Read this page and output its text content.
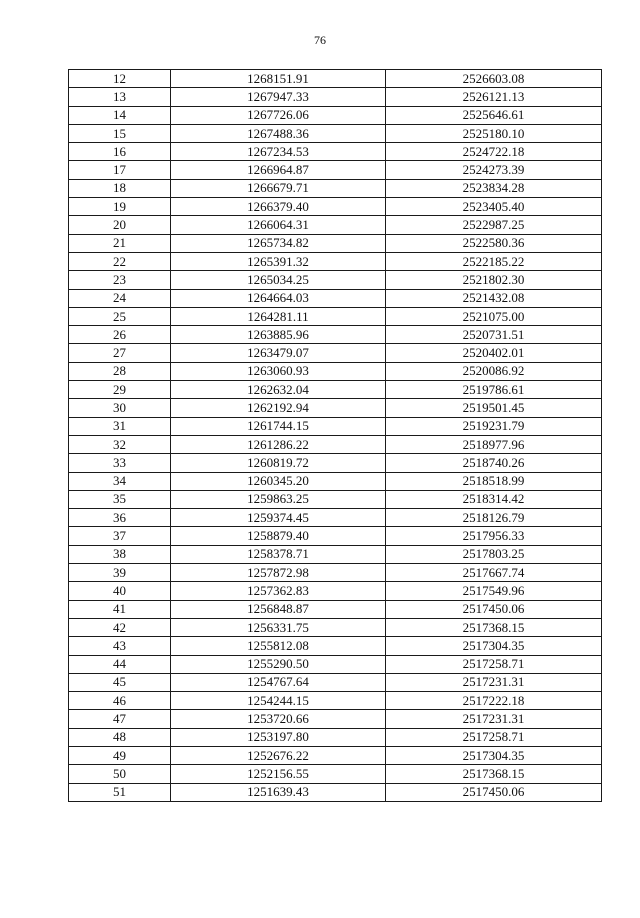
76
12	1268151.91	2526603.08
13	1267947.33	2526121.13
14	1267726.06	2525646.61
15	1267488.36	2525180.10
16	1267234.53	2524722.18
17	1266964.87	2524273.39
18	1266679.71	2523834.28
19	1266379.40	2523405.40
20	1266064.31	2522987.25
21	1265734.82	2522580.36
22	1265391.32	2522185.22
23	1265034.25	2521802.30
24	1264664.03	2521432.08
25	1264281.11	2521075.00
26	1263885.96	2520731.51
27	1263479.07	2520402.01
28	1263060.93	2520086.92
29	1262632.04	2519786.61
30	1262192.94	2519501.45
31	1261744.15	2519231.79
32	1261286.22	2518977.96
33	1260819.72	2518740.26
34	1260345.20	2518518.99
35	1259863.25	2518314.42
36	1259374.45	2518126.79
37	1258879.40	2517956.33
38	1258378.71	2517803.25
39	1257872.98	2517667.74
40	1257362.83	2517549.96
41	1256848.87	2517450.06
42	1256331.75	2517368.15
43	1255812.08	2517304.35
44	1255290.50	2517258.71
45	1254767.64	2517231.31
46	1254244.15	2517222.18
47	1253720.66	2517231.31
48	1253197.80	2517258.71
49	1252676.22	2517304.35
50	1252156.55	2517368.15
51	1251639.43	2517450.06
